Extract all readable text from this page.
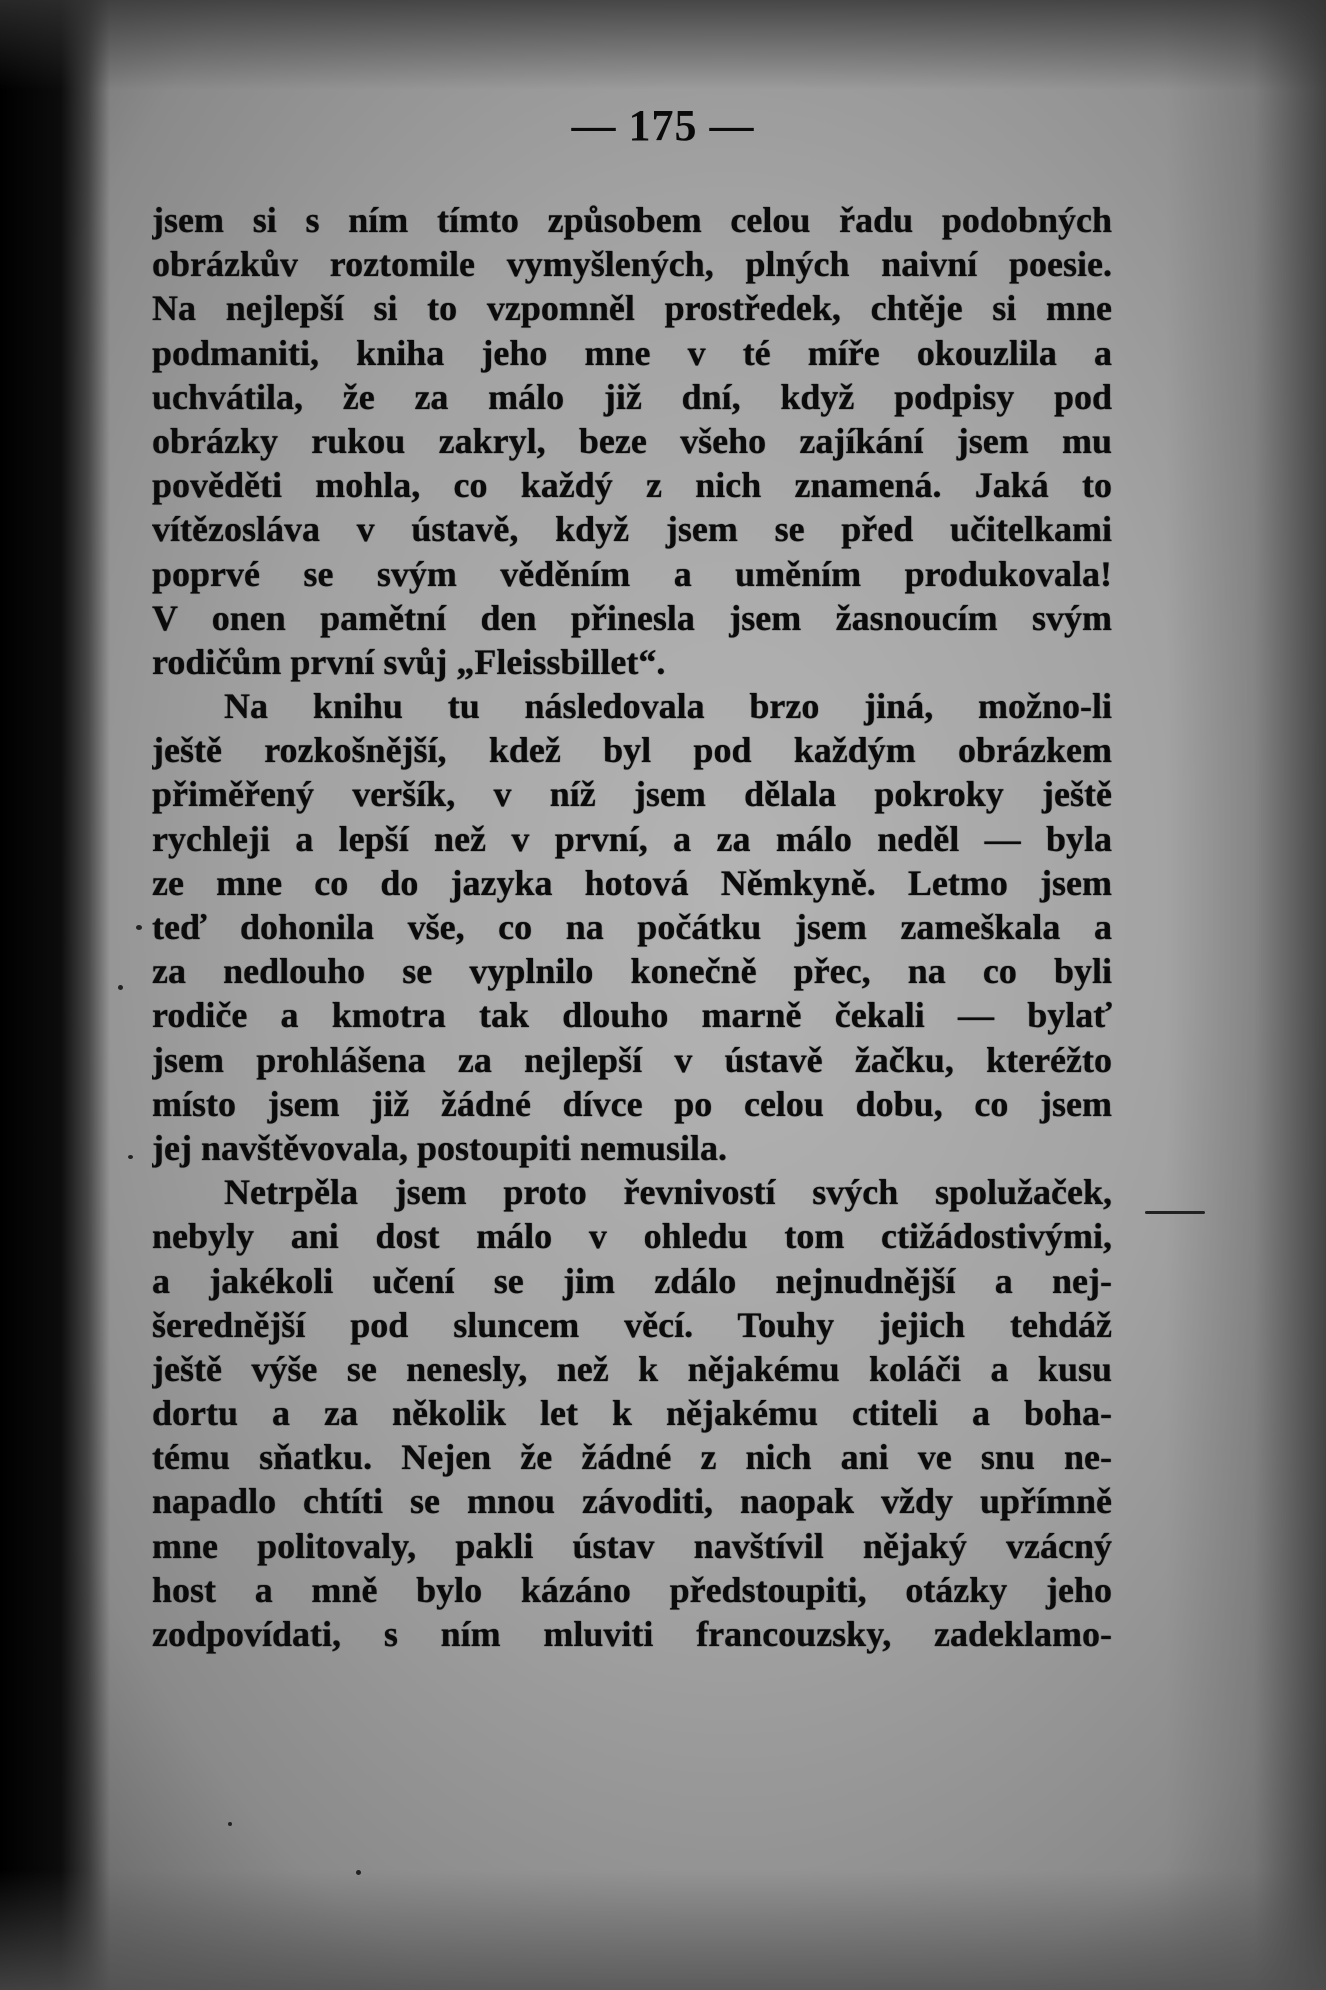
— 175 —
jsem si s ním tímto způsobem celou řadu podobných
obrázkův roztomile vymyšlených, plných naivní poesie.
Na nejlepší si to vzpomněl prostředek, chtěje si mne
podmaniti, kniha jeho mne v té míře okouzlila a
uchvátila, že za málo již dní, když podpisy pod
obrázky rukou zakryl, beze všeho zajíkání jsem mu
pověděti mohla, co každý z nich znamená. Jaká to
vítězosláva v ústavě, když jsem se před učitelkami
poprvé se svým věděním a uměním produkovala!
V onen pamětní den přinesla jsem žasnoucím svým
rodičům první svůj „Fleissbillet“.
Na knihu tu následovala brzo jiná, možno-li
ještě rozkošnější, kdež byl pod každým obrázkem
přiměřený veršík, v níž jsem dělala pokroky ještě
rychleji a lepší než v první, a za málo neděl — byla
ze mne co do jazyka hotová Němkyně. Letmo jsem
teď dohonila vše, co na počátku jsem zameškala a
za nedlouho se vyplnilo konečně přec, na co byli
rodiče a kmotra tak dlouho marně čekali — bylať
jsem prohlášena za nejlepší v ústavě žačku, kteréžto
místo jsem již žádné dívce po celou dobu, co jsem
jej navštěvovala, postoupiti nemusila.
Netrpěla jsem proto řevnivostí svých spolužaček,
nebyly ani dost málo v ohledu tom ctižádostivými,
a jakékoli učení se jim zdálo nejnudnější a nej-
šerednější pod sluncem věcí. Touhy jejich tehdáž
ještě výše se nenesly, než k nějakému koláči a kusu
dortu a za několik let k nějakému ctiteli a boha-
tému sňatku. Nejen že žádné z nich ani ve snu ne-
napadlo chtíti se mnou závoditi, naopak vždy upřímně
mne politovaly, pakli ústav navštívil nějaký vzácný
host a mně bylo kázáno předstoupiti, otázky jeho
zodpovídati, s ním mluviti francouzsky, zadeklamo-
